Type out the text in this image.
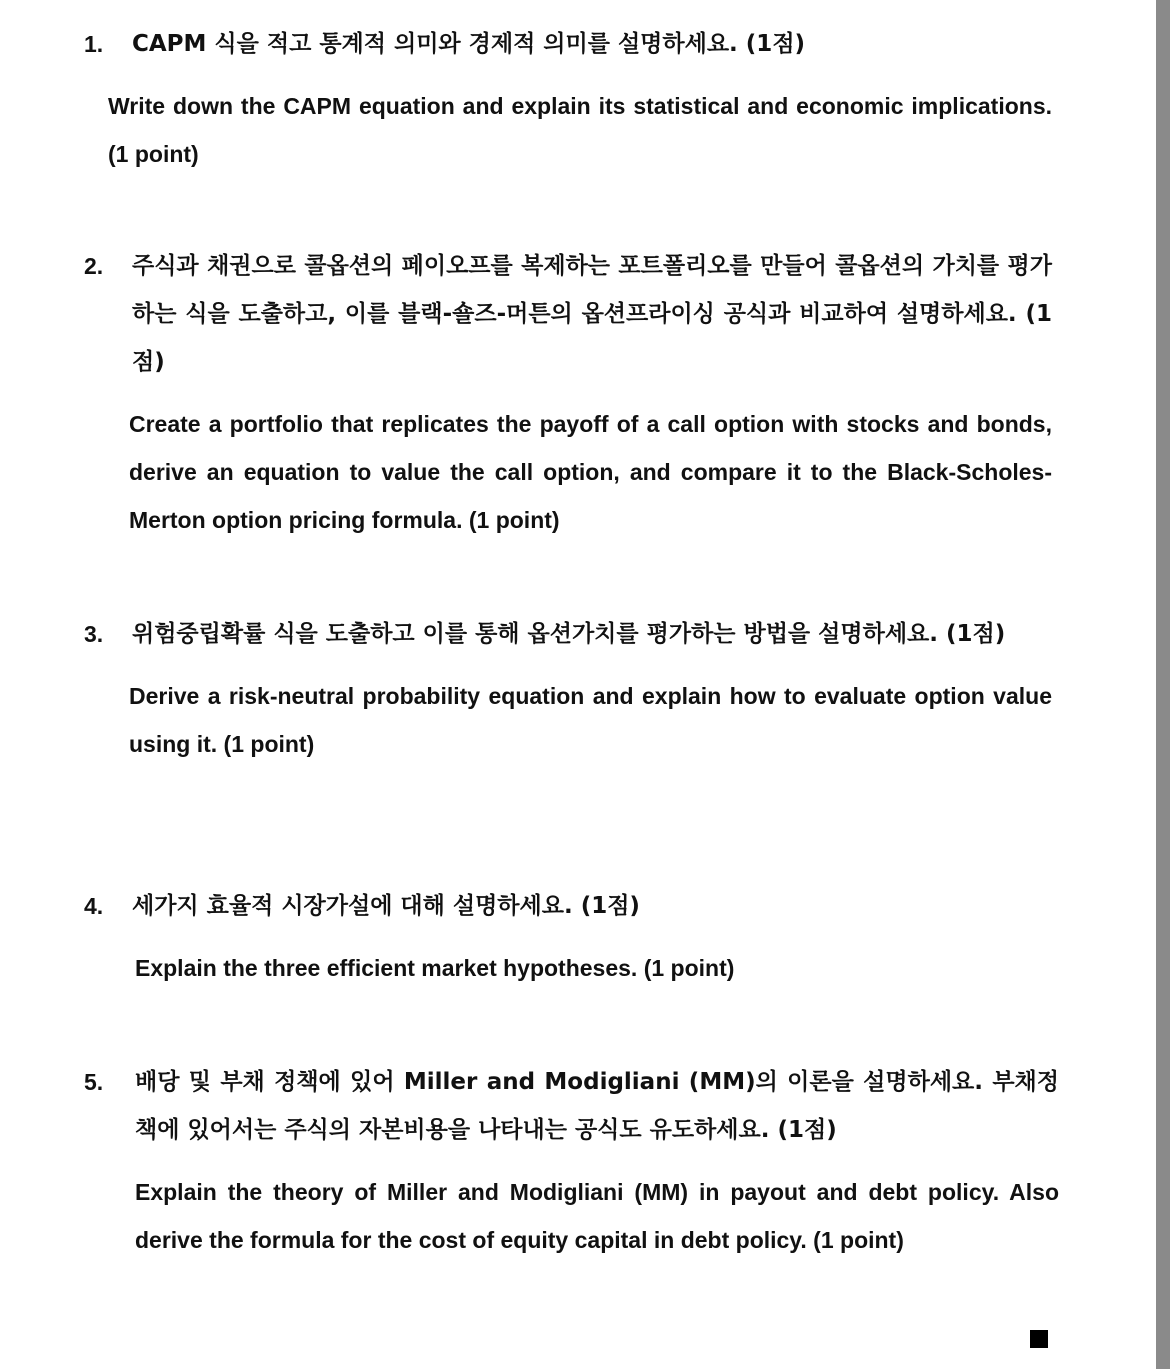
1. CAPM 식을 적고 통계적 의미와 경제적 의미를 설명하세요. (1점)
Write down the CAPM equation and explain its statistical and economic implications. (1 point)
2. 주식과 채권으로 콜옵션의 페이오프를 복제하는 포트폴리오를 만들어 콜옵션의 가치를 평가하는 식을 도출하고, 이를 블랙-숄즈-머튼의 옵션프라이싱 공식과 비교하여 설명하세요. (1점)
Create a portfolio that replicates the payoff of a call option with stocks and bonds, derive an equation to value the call option, and compare it to the Black-Scholes-Merton option pricing formula. (1 point)
3. 위험중립확률 식을 도출하고 이를 통해 옵션가치를 평가하는 방법을 설명하세요. (1점)
Derive a risk-neutral probability equation and explain how to evaluate option value using it. (1 point)
4. 세가지 효율적 시장가설에 대해 설명하세요. (1점)
Explain the three efficient market hypotheses. (1 point)
5. 배당 및 부채 정책에 있어 Miller and Modigliani (MM)의 이론을 설명하세요. 부채정책에 있어서는 주식의 자본비용을 나타내는 공식도 유도하세요. (1점)
Explain the theory of Miller and Modigliani (MM) in payout and debt policy. Also derive the formula for the cost of equity capital in debt policy. (1 point)
